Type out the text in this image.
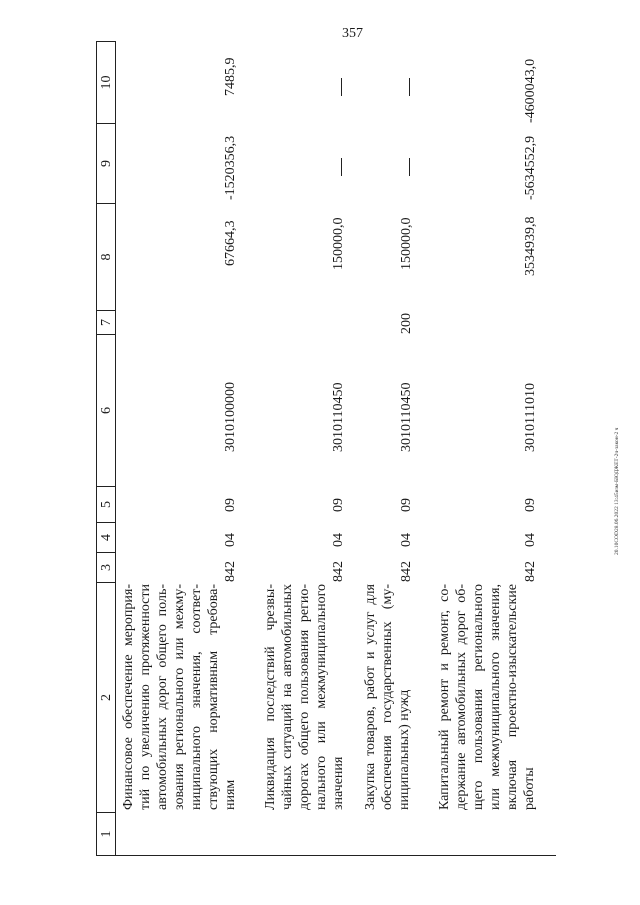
357
20.10COD28.06.2022 13:45изм-БЮДЖЕТ-2ч-закон-2 ч
1
2
3
4
5
6
7
8
9
10
Финансовое обеспечение мероприя- тий по увеличению протяженности автомобильных дорог общего поль- зования регионального или межму- ниципального значения, соответ- ствующих нормативным требова- ниям
842
04
09
3010100000
67664,3
-1520356,3
7485,9
Ликвидация последствий чрезвы- чайных ситуаций на автомобильных дорогах общего пользования регио- нального или межмуниципального значения
842
04
09
3010110450
150000,0
Закупка товаров, работ и услуг для обеспечения государственных (му- ниципальных) нужд
842
04
09
3010110450
200
150000,0
Капитальный ремонт и ремонт, со- держание автомобильных дорог об- щего пользования регионального или межмуниципального значения, включая проектно-изыскательские работы
842
04
09
3010111010
3534939,8
-5634552,9
-4600043,0
